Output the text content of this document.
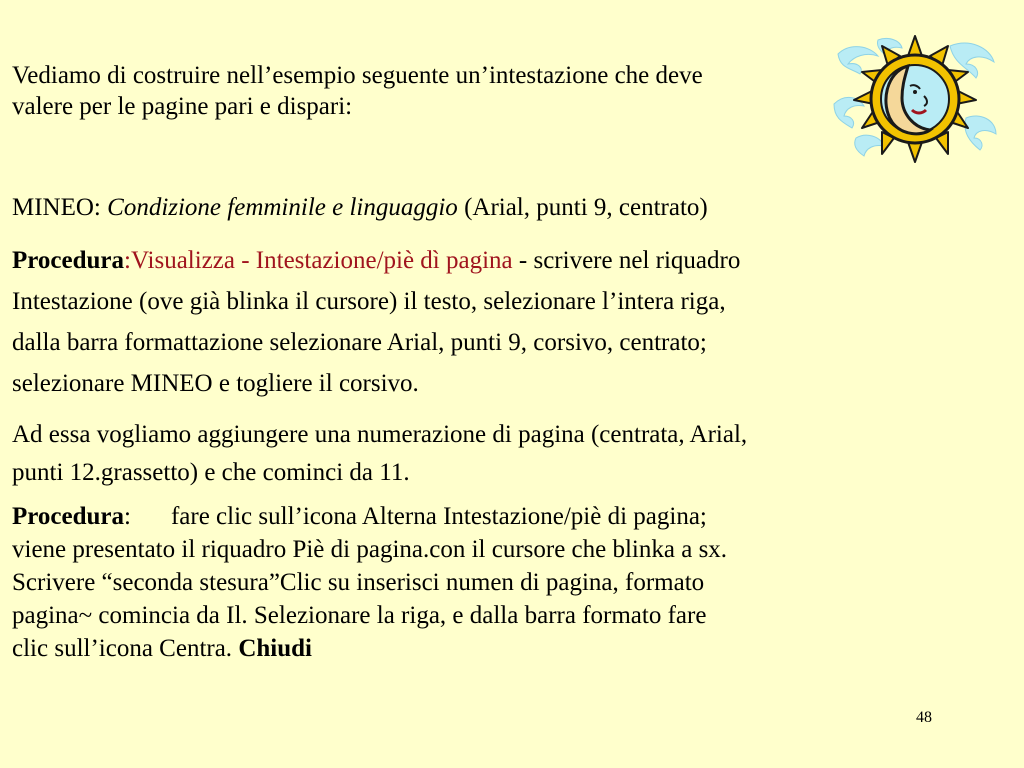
Vediamo di costruire nell’esempio seguente un’intestazione che deve
valere per le pagine pari e dispari:
MINEO: Condizione femminile e linguaggio (Arial, punti 9, centrato)
Procedura:Visualizza - Intestazione/piè dì pagina - scrivere nel riquadro
Intestazione (ove già blinka il cursore) il testo, selezionare l’intera riga,
dalla barra formattazione selezionare Arial, punti 9, corsivo, centrato;
selezionare MINEO e togliere il corsivo.
Ad essa vogliamo aggiungere una numerazione di pagina (centrata, Arial,
punti 12.grassetto) e che cominci da 11.
Procedura: fare clic sull’icona Alterna Intestazione/piè di pagina;
viene presentato il riquadro Piè di pagina.con il cursore che blinka a sx.
Scrivere “seconda stesura”Clic su inserisci numen di pagina, formato
pagina~ comincia da Il. Selezionare la riga, e dalla barra formato fare
clic sull’icona Centra. Chiudi
48
